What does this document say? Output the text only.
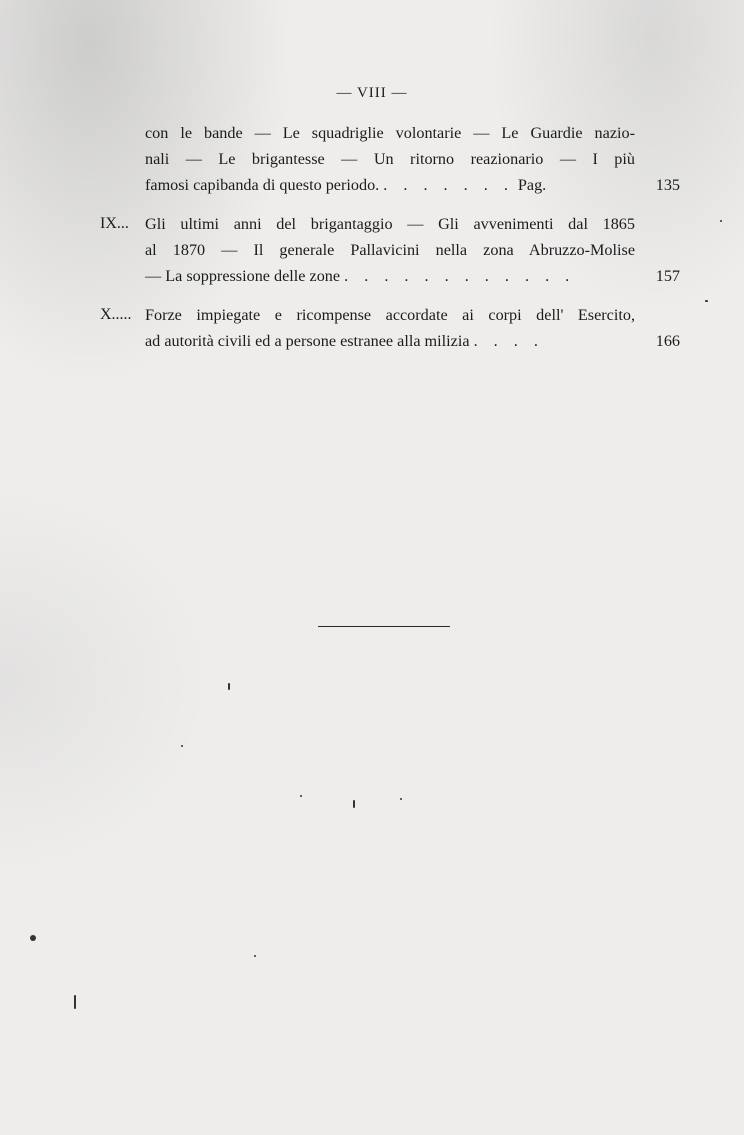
— VIII —
con le bande — Le squadriglie volontarie — Le Guardie nazio-
nali — Le brigantesse — Un ritorno reazionario — I più
famosi capibanda di questo periodo. . . . . . . . Pag.	135
IX... Gli ultimi anni del brigantaggio — Gli avvenimenti dal 1865
al 1870 — Il generale Pallavicini nella zona Abruzzo-Molise
— La soppressione delle zone . . . . . . . . . . . .	157
X..... Forze impiegate e ricompense accordate ai corpi dell' Esercito,
ad autorità civili ed a persone estranee alla milizia . . . .	166
